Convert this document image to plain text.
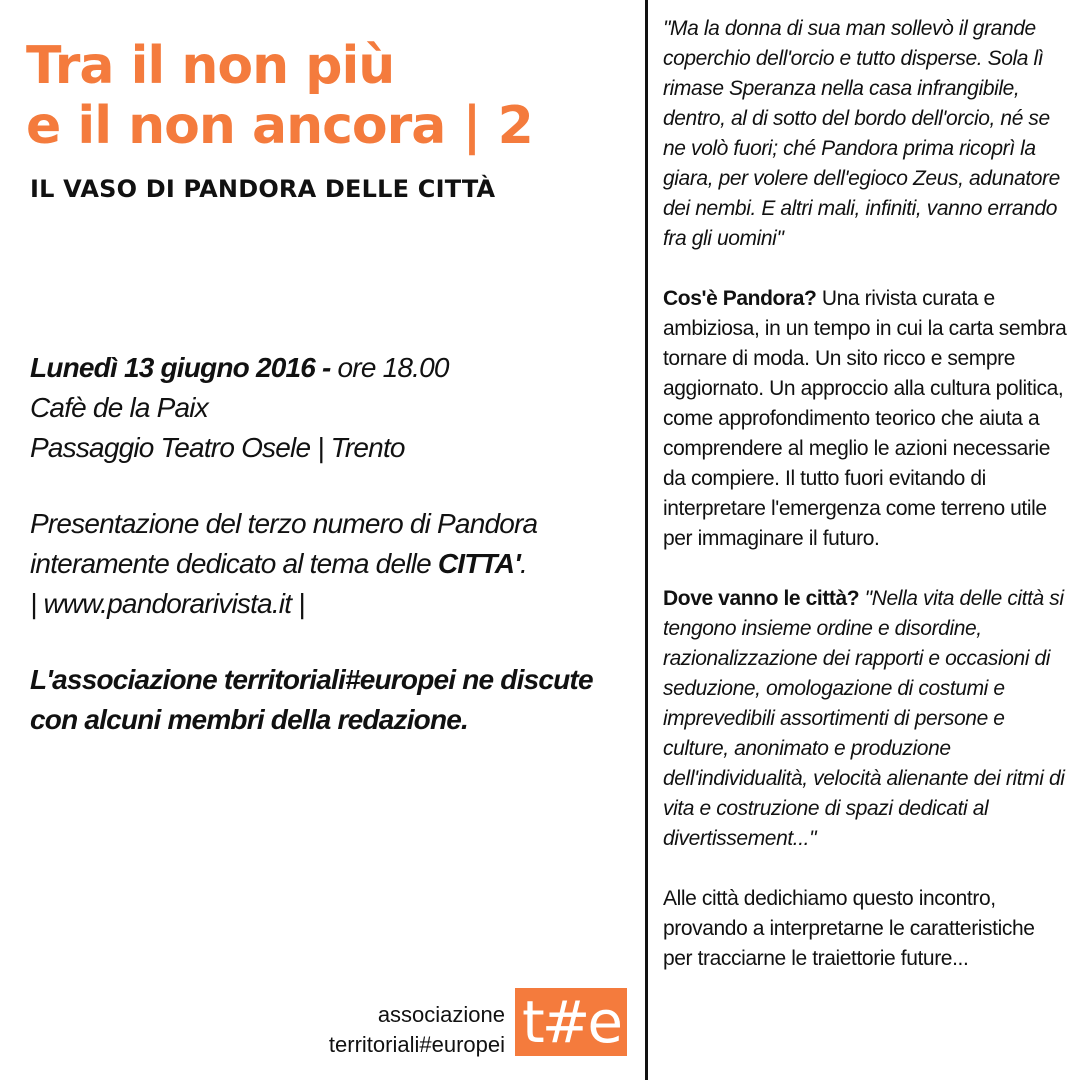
Tra il non più
e il non ancora | 2
IL VASO DI PANDORA DELLE CITTÀ

Lunedì 13 giugno 2016 - ore 18.00

Cafè de la Paix

Passaggio Teatro Osele | Trento

Presentazione del terzo numero di Pandora interamente dedicato al tema delle CITTA'.

| www.pandorarivista.it |

L'associazione territoriali#europei ne discute con alcuni membri della redazione.

associazione
territoriali#europei t#e

"Ma la donna di sua man sollevò il grande coperchio dell'orcio e tutto disperse. Sola lì rimase Speranza nella casa infrangibile, dentro, al di sotto del bordo dell'orcio, né se ne volò fuori; ché Pandora prima ricoprì la giara, per volere dell'egioco Zeus, adunatore dei nembi. E altri mali, infiniti, vanno errando fra gli uomini"

Cos'è Pandora? Una rivista curata e ambiziosa, in un tempo in cui la carta sembra tornare di moda. Un sito ricco e sempre aggiornato. Un approccio alla cultura politica, come approfondimento teorico che aiuta a comprendere al meglio le azioni necessarie da compiere. Il tutto fuori evitando di interpretare l'emergenza come terreno utile per immaginare il futuro.

Dove vanno le città? "Nella vita delle città si tengono insieme ordine e disordine, razionalizzazione dei rapporti e occasioni di seduzione, omologazione di costumi e imprevedibili assortimenti di persone e culture, anonimato e produzione dell'individualità, velocità alienante dei ritmi di vita e costruzione di spazi dedicati al divertissement..."

Alle città dedichiamo questo incontro, provando a interpretarne le caratteristiche per tracciarne le traiettorie future...
